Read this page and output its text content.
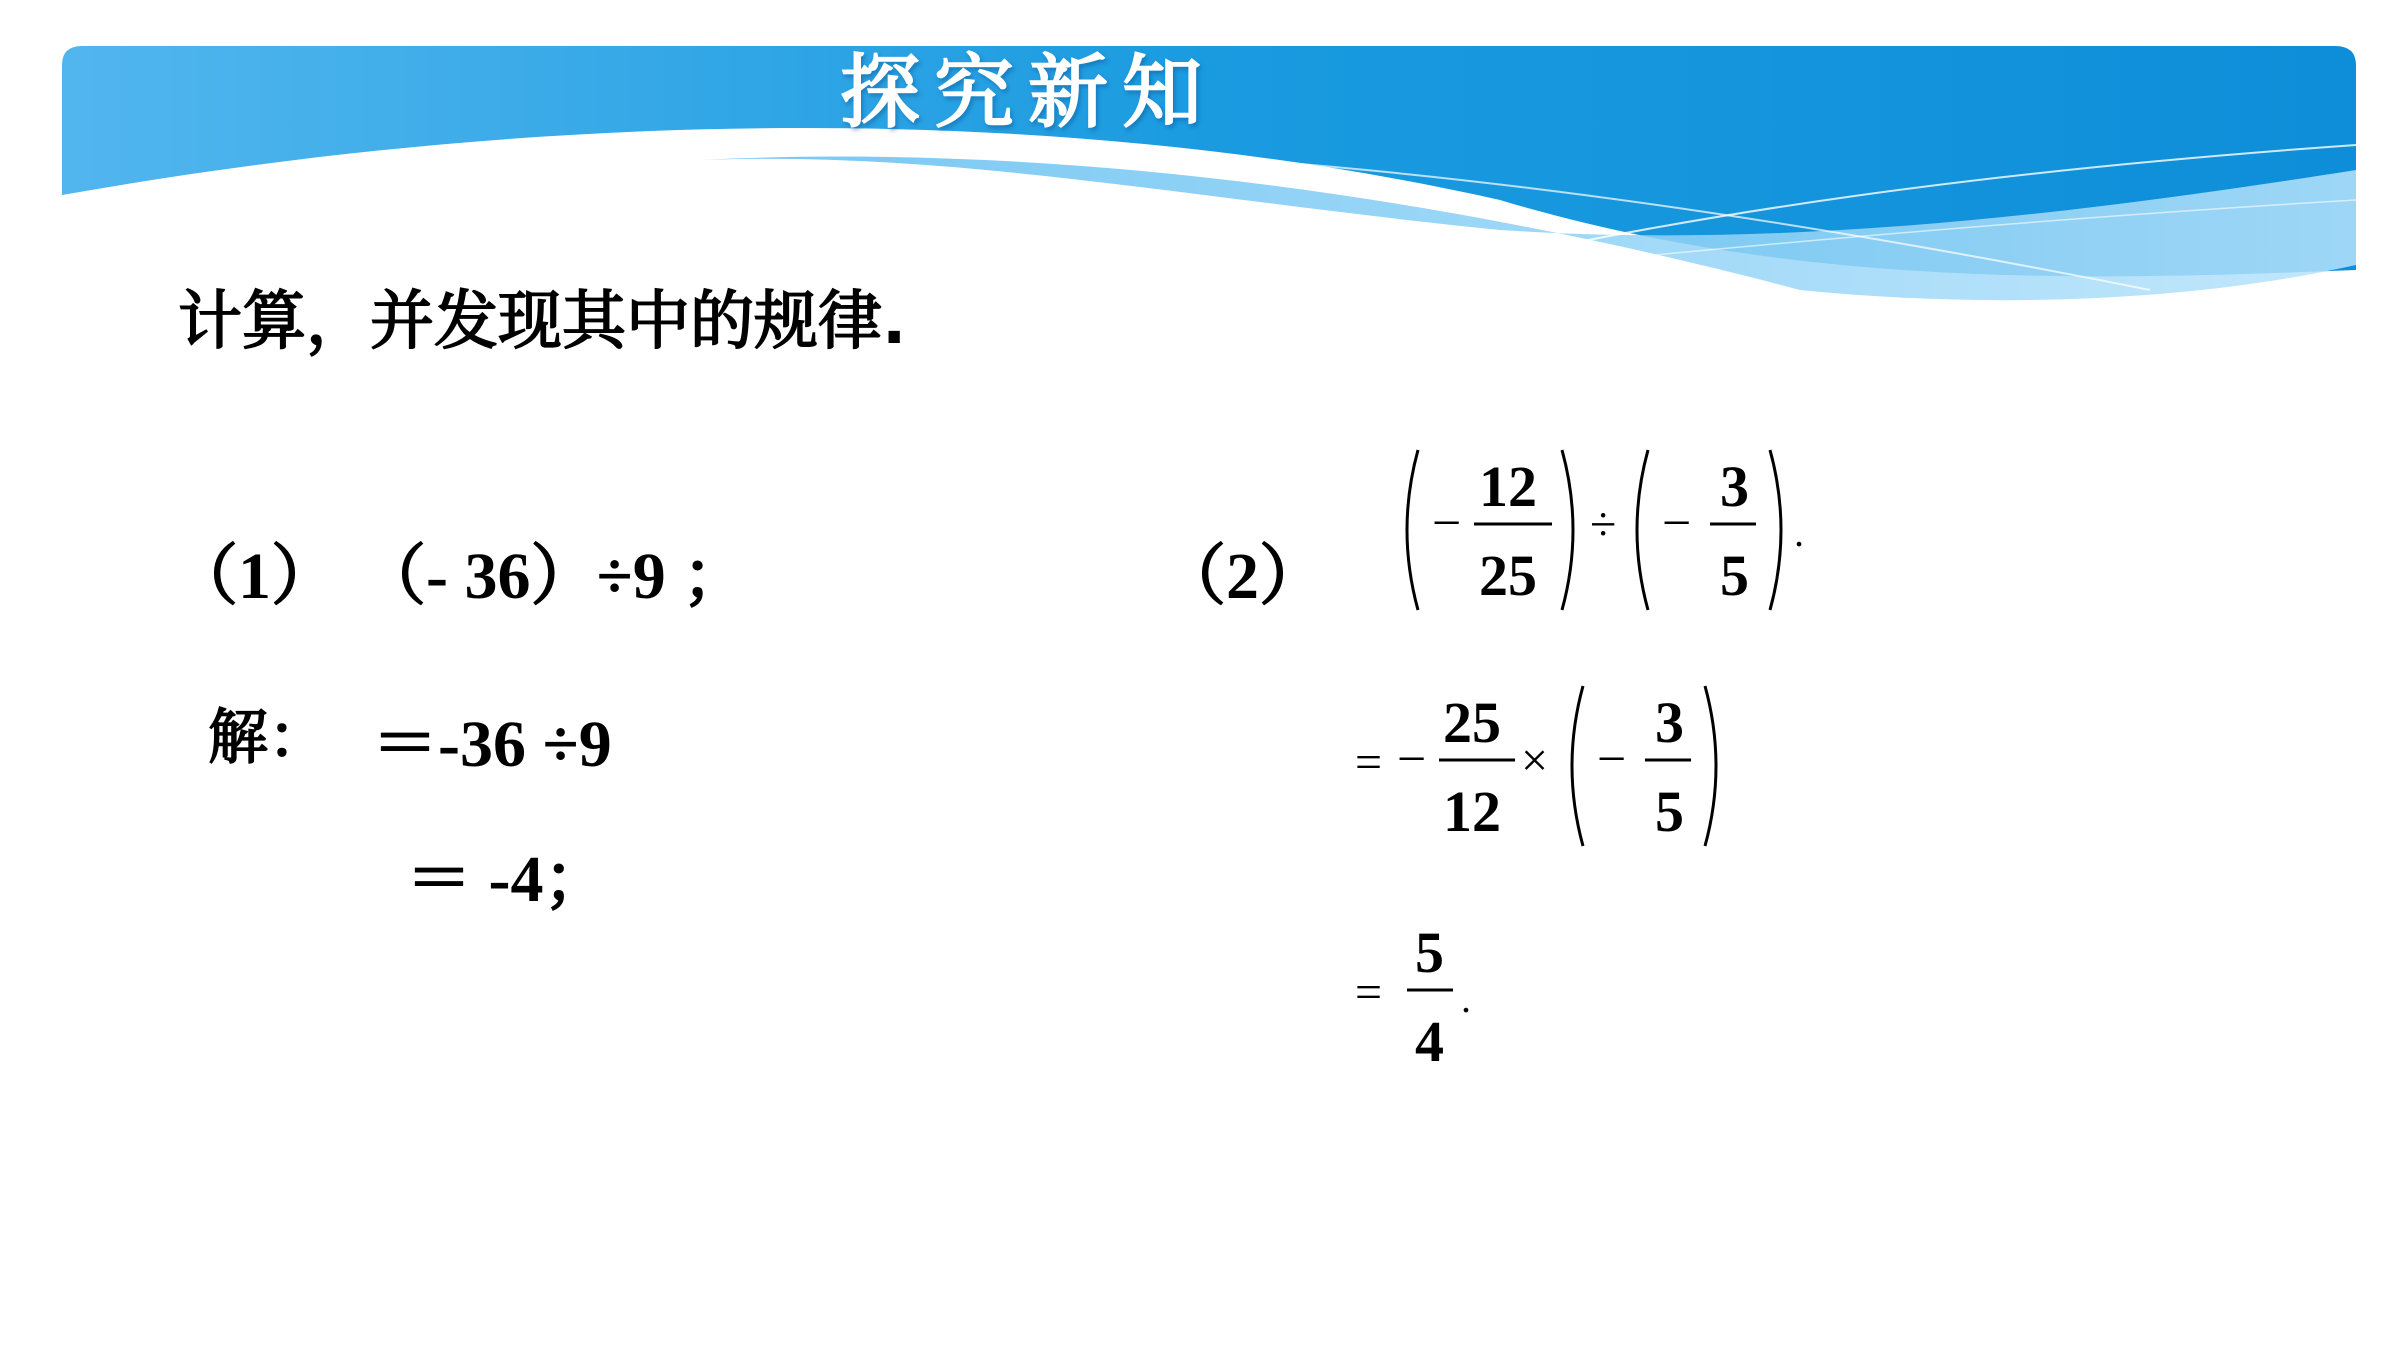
探究新知
计算，并发现其中的规律.
（1） （- 36）÷9 ；
解： ＝-36 ÷9
＝ -4；
（2）
−
12
25
÷ −
3
5
.
= −
25
12
× −
3
5
=
5
4
.
